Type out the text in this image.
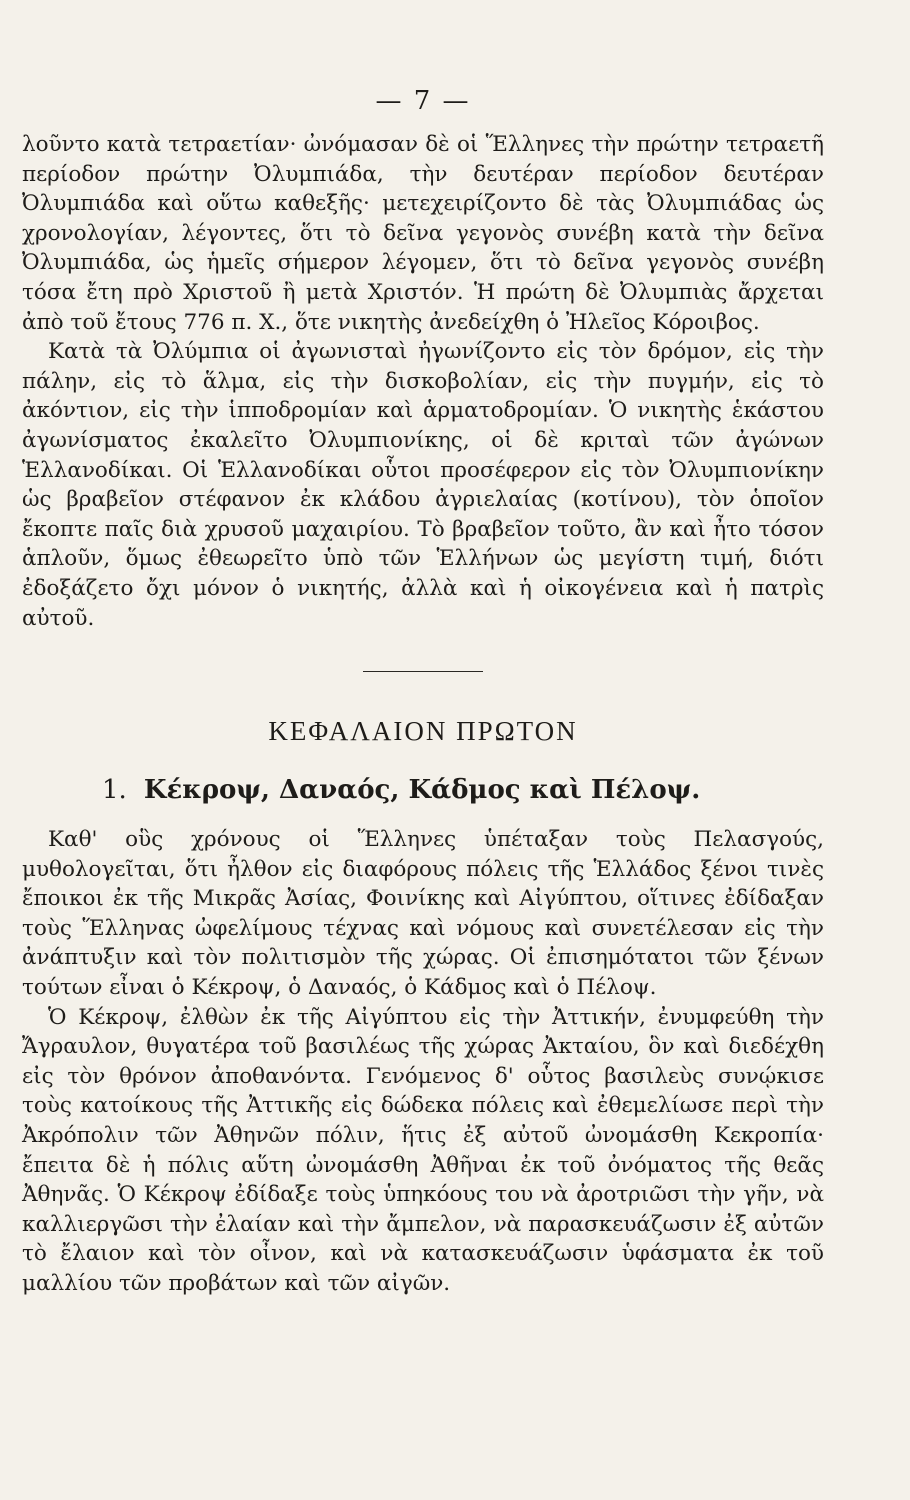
— 7 —

λοῦντο κατὰ τετραετίαν· ὠνόμασαν δὲ οἱ Ἕλληνες τὴν πρώτην τετραετῆ περίοδον πρώτην Ὀλυμπιάδα, τὴν δευτέραν περίοδον δευτέραν Ὀλυμπιάδα καὶ οὕτω καθεξῆς· μετεχειρίζοντο δὲ τὰς Ὀλυμπιάδας ὡς χρονολογίαν, λέγοντες, ὅτι τὸ δεῖνα γεγονὸς συνέβη κατὰ τὴν δεῖνα Ὀλυμπιάδα, ὡς ἡμεῖς σήμερον λέγομεν, ὅτι τὸ δεῖνα γεγονὸς συνέβη τόσα ἔτη πρὸ Χριστοῦ ἢ μετὰ Χριστόν. Ἡ πρώτη δὲ Ὀλυμπιὰς ἄρχεται ἀπὸ τοῦ ἔτους 776 π. Χ., ὅτε νικητὴς ἀνεδείχθη ὁ Ἠλεῖος Κόροιβος.

Κατὰ τὰ Ὀλύμπια οἱ ἀγωνισταὶ ἠγωνίζοντο εἰς τὸν δρόμον, εἰς τὴν πάλην, εἰς τὸ ἅλμα, εἰς τὴν δισκοβολίαν, εἰς τὴν πυγμήν, εἰς τὸ ἀκόντιον, εἰς τὴν ἱπποδρομίαν καὶ ἁρματοδρομίαν. Ὁ νικητὴς ἑκάστου ἀγωνίσματος ἐκαλεῖτο Ὀλυμπιονίκης, οἱ δὲ κριταὶ τῶν ἀγώνων Ἑλλανοδίκαι. Οἱ Ἑλλανοδίκαι οὗτοι προσέφερον εἰς τὸν Ὀλυμπιονίκην ὡς βραβεῖον στέφανον ἐκ κλάδου ἀγριελαίας (κοτίνου), τὸν ὁποῖον ἔκοπτε παῖς διὰ χρυσοῦ μαχαιρίου. Τὸ βραβεῖον τοῦτο, ἂν καὶ ἦτο τόσον ἁπλοῦν, ὅμως ἐθεωρεῖτο ὑπὸ τῶν Ἑλλήνων ὡς μεγίστη τιμή, διότι ἐδοξάζετο ὄχι μόνον ὁ νικητής, ἀλλὰ καὶ ἡ οἰκογένεια καὶ ἡ πατρὶς αὐτοῦ.

ΚΕΦΑΛΑΙΟΝ ΠΡΩΤΟΝ
1. Κέκροψ, Δαναός, Κάδμος καὶ Πέλοψ.

Καθ' οὓς χρόνους οἱ Ἕλληνες ὑπέταξαν τοὺς Πελασγούς, μυθολογεῖται, ὅτι ἦλθον εἰς διαφόρους πόλεις τῆς Ἑλλάδος ξένοι τινὲς ἔποικοι ἐκ τῆς Μικρᾶς Ἀσίας, Φοινίκης καὶ Αἰγύπτου, οἵτινες ἐδίδαξαν τοὺς Ἕλληνας ὠφελίμους τέχνας καὶ νόμους καὶ συνετέλεσαν εἰς τὴν ἀνάπτυξιν καὶ τὸν πολιτισμὸν τῆς χώρας. Οἱ ἐπισημότατοι τῶν ξένων τούτων εἶναι ὁ Κέκροψ, ὁ Δαναός, ὁ Κάδμος καὶ ὁ Πέλοψ.

Ὁ Κέκροψ, ἐλθὼν ἐκ τῆς Αἰγύπτου εἰς τὴν Ἀττικήν, ἐνυμφεύθη τὴν Ἄγραυλον, θυγατέρα τοῦ βασιλέως τῆς χώρας Ἀκταίου, ὃν καὶ διεδέχθη εἰς τὸν θρόνον ἀποθανόντα. Γενόμενος δ' οὗτος βασιλεὺς συνῴκισε τοὺς κατοίκους τῆς Ἀττικῆς εἰς δώδεκα πόλεις καὶ ἐθεμελίωσε περὶ τὴν Ἀκρόπολιν τῶν Ἀθηνῶν πόλιν, ἥτις ἐξ αὐτοῦ ὠνομάσθη Κεκροπία· ἔπειτα δὲ ἡ πόλις αὕτη ὠνομάσθη Ἀθῆναι ἐκ τοῦ ὀνόματος τῆς θεᾶς Ἀθηνᾶς. Ὁ Κέκροψ ἐδίδαξε τοὺς ὑπηκόους του νὰ ἀροτριῶσι τὴν γῆν, νὰ καλλιεργῶσι τὴν ἐλαίαν καὶ τὴν ἄμπελον, νὰ παρασκευάζωσιν ἐξ αὐτῶν τὸ ἔλαιον καὶ τὸν οἶνον, καὶ νὰ κατασκευάζωσιν ὑφάσματα ἐκ τοῦ μαλλίου τῶν προβάτων καὶ τῶν αἰγῶν.
